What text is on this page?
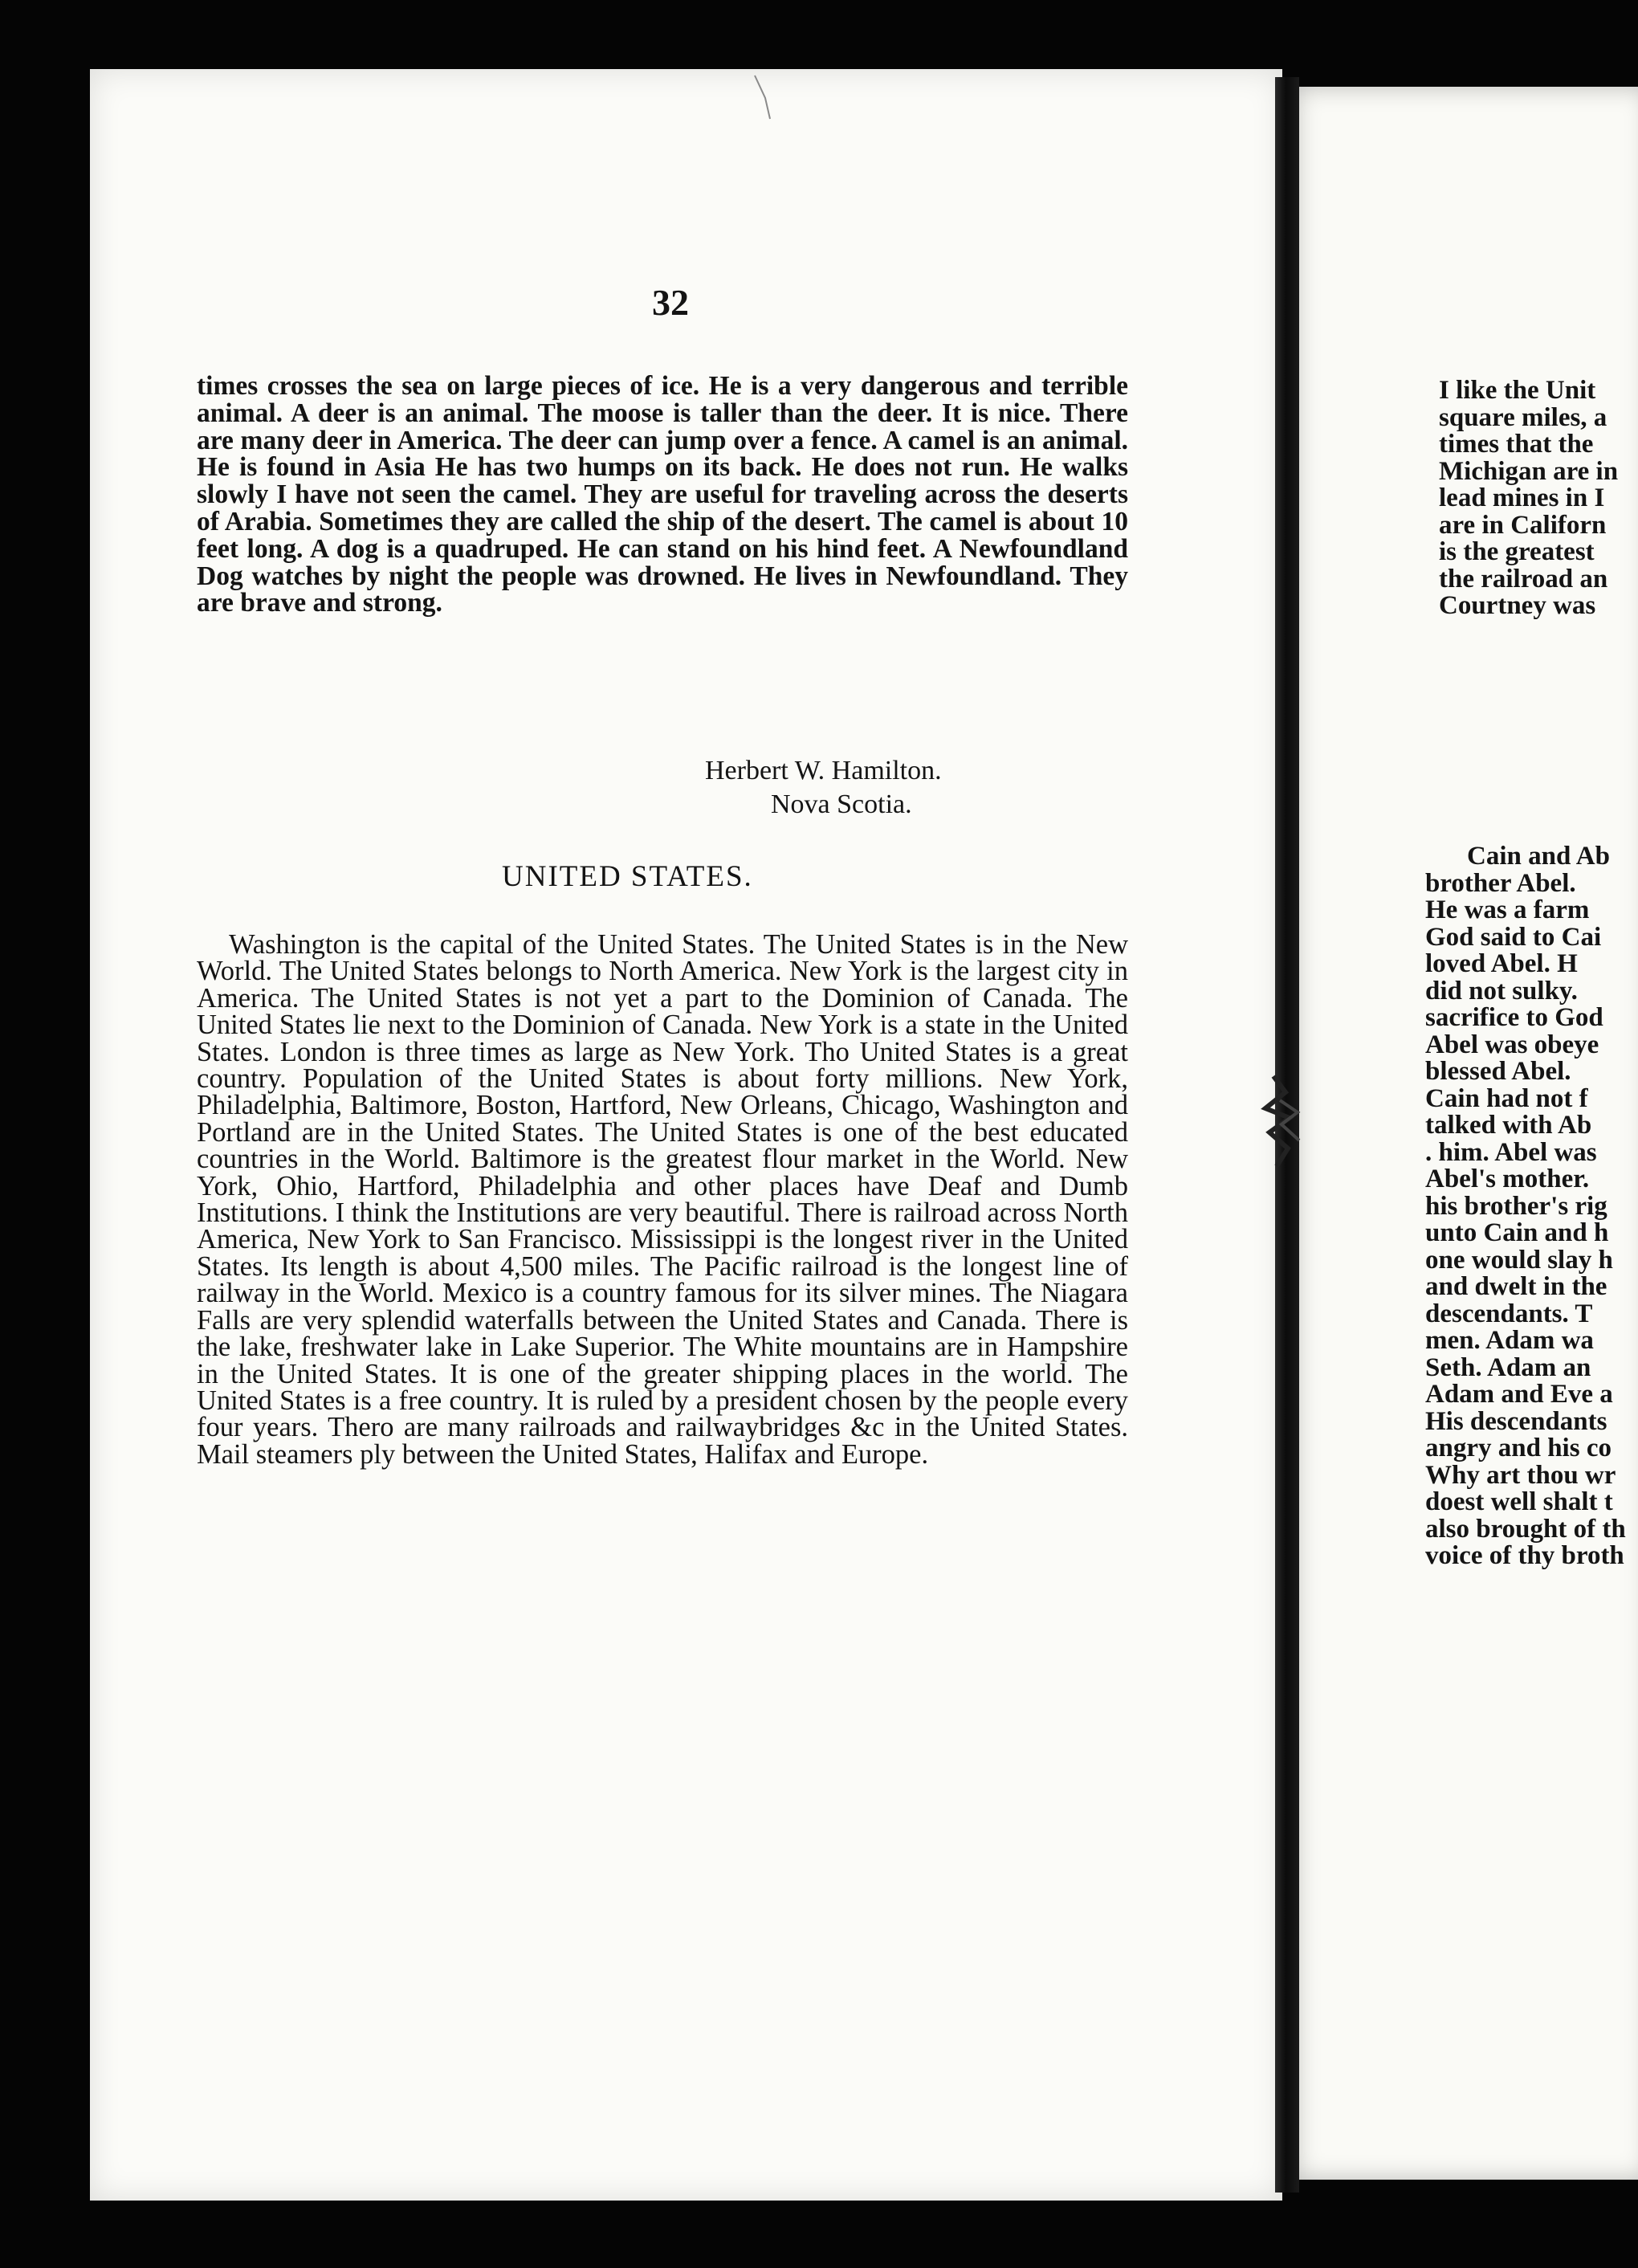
32

times crosses the sea on large pieces of ice. He is a very dangerous and terrible animal. A deer is an animal. The moose is taller than the deer. It is nice. There are many deer in America. The deer can jump over a fence. A camel is an animal. He is found in Asia He has two humps on its back. He does not run. He walks slowly I have not seen the camel. They are useful for traveling across the deserts of Arabia. Sometimes they are called the ship of the desert. The camel is about 10 feet long. A dog is a quadruped. He can stand on his hind feet. A Newfoundland Dog watches by night the people was drowned. He lives in Newfoundland. They are brave and strong.

Herbert W. Hamilton.
Nova Scotia.
UNITED STATES.

Washington is the capital of the United States. The United States is in the New World. The United States belongs to North America. New York is the largest city in America. The United States is not yet a part to the Dominion of Canada. The United States lie next to the Dominion of Canada. New York is a state in the United States. London is three times as large as New York. Tho United States is a great country. Population of the United States is about forty millions. New York, Philadelphia, Baltimore, Boston, Hartford, New Orleans, Chicago, Washington and Portland are in the United States. The United States is one of the best educated countries in the World. Baltimore is the greatest flour market in the World. New York, Ohio, Hartford, Philadelphia and other places have Deaf and Dumb Institutions. I think the Institutions are very beautiful. There is railroad across North America, New York to San Francisco. Mississippi is the longest river in the United States. Its length is about 4,500 miles. The Pacific railroad is the longest line of railway in the World. Mexico is a country famous for its silver mines. The Niagara Falls are very splendid waterfalls between the United States and Canada. There is the lake, freshwater lake in Lake Superior. The White mountains are in Hampshire in the United States. It is one of the greater shipping places in the world. The United States is a free country. It is ruled by a president chosen by the people every four years. Thero are many railroads and railwaybridges &c in the United States. Mail steamers ply between the United States, Halifax and Europe.

I like the Unit
square miles, a
times that the
Michigan are in
lead mines in I
are in Californ
is the greatest
the railroad an
Courtney was
Cain and Ab
brother Abel.
He was a farm
God said to Cai
loved Abel. H
did not sulky.
sacrifice to God
Abel was obeye
blessed Abel.
Cain had not f
talked with Ab
. him. Abel was
Abel's mother.
his brother's rig
unto Cain and h
one would slay h
and dwelt in the
descendants. T
men. Adam wa
Seth. Adam an
Adam and Eve a
His descendants
angry and his co
Why art thou wr
doest well shalt t
also brought of th
voice of thy broth
